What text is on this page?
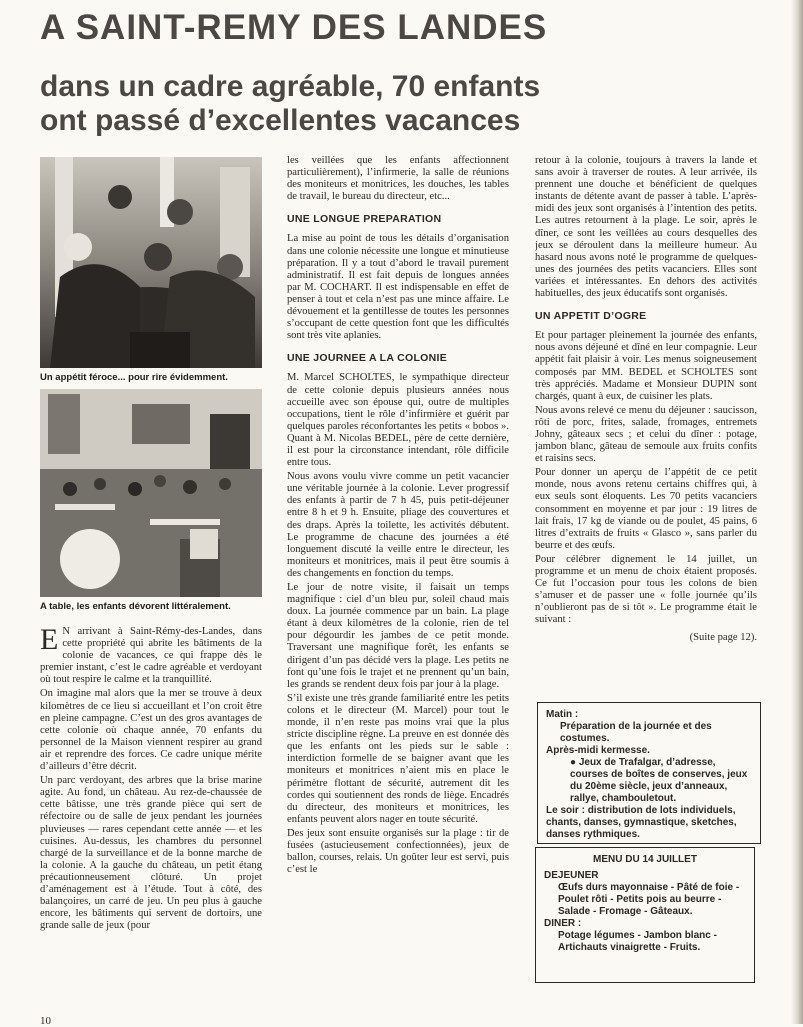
A SAINT-REMY DES LANDES
dans un cadre agréable, 70 enfants
ont passé d’excellentes vacances

Un appétit féroce... pour rire évidemment.

A table, les enfants dévorent littéralement.

E N arrivant à Saint-Rémy-des-Landes, dans cette propriété qui abrite les bâtiments de la colonie de vacances, ce qui frappe dès le premier instant, c’est le cadre agréable et verdoyant où tout respire le calme et la tranquillité.

On imagine mal alors que la mer se trouve à deux kilomètres de ce lieu si accueillant et l’on croit être en pleine campagne. C’est un des gros avantages de cette colonie où chaque année, 70 enfants du personnel de la Maison viennent respirer au grand air et reprendre des forces. Ce cadre unique mérite d’ailleurs d’être décrit.

Un parc verdoyant, des arbres que la brise marine agite. Au fond, un château. Au rez-de-chaussée de cette bâtisse, une très grande pièce qui sert de réfectoire ou de salle de jeux pendant les journées pluvieuses — rares cependant cette année — et les cuisines. Au-dessus, les chambres du personnel chargé de la surveillance et de la bonne marche de la colonie. A la gauche du château, un petit étang précautionneusement clôturé. Un projet d’aménagement est à l’étude. Tout à côté, des balançoires, un carré de jeu. Un peu plus à gauche encore, les bâtiments qui servent de dortoirs, une grande salle de jeux (pour

les veillées que les enfants affectionnent particulièrement), l’infirmerie, la salle de réunions des moniteurs et monitrices, les douches, les tables de travail, le bureau du directeur, etc...

UNE LONGUE PREPARATION

La mise au point de tous les détails d’organisation dans une colonie nécessite une longue et minutieuse préparation. Il y a tout d’abord le travail purement administratif. Il est fait depuis de longues années par M. COCHART. Il est indispensable en effet de penser à tout et cela n’est pas une mince affaire. Le dévouement et la gentillesse de toutes les personnes s’occupant de cette question font que les difficultés sont très vite aplanies.

UNE JOURNEE A LA COLONIE

M. Marcel SCHOLTES, le sympathique directeur de cette colonie depuis plusieurs années nous accueille avec son épouse qui, outre de multiples occupations, tient le rôle d’infirmière et guérit par quelques paroles réconfortantes les petits « bobos ». Quant à M. Nicolas BEDEL, père de cette dernière, il est pour la circonstance intendant, rôle difficile entre tous.

Nous avons voulu vivre comme un petit vacancier une véritable journée à la colonie. Lever progressif des enfants à partir de 7 h 45, puis petit-déjeuner entre 8 h et 9 h. Ensuite, pliage des couvertures et des draps. Après la toilette, les activités débutent. Le programme de chacune des journées a été longuement discuté la veille entre le directeur, les moniteurs et monitrices, mais il peut être soumis à des changements en fonction du temps.

Le jour de notre visite, il faisait un temps magnifique : ciel d’un bleu pur, soleil chaud mais doux. La journée commence par un bain. La plage étant à deux kilomètres de la colonie, rien de tel pour dégourdir les jambes de ce petit monde. Traversant une magnifique forêt, les enfants se dirigent d’un pas décidé vers la plage. Les petits ne font qu’une fois le trajet et ne prennent qu’un bain, les grands se rendent deux fois par jour à la plage.

S’il existe une très grande familiarité entre les petits colons et le directeur (M. Marcel) pour tout le monde, il n’en reste pas moins vrai que la plus stricte discipline règne. La preuve en est donnée dès que les enfants ont les pieds sur le sable : interdiction formelle de se baigner avant que les moniteurs et monitrices n’aient mis en place le périmètre flottant de sécurité, autrement dit les cordes qui soutiennent des ronds de liège. Encadrés du directeur, des moniteurs et monitrices, les enfants peuvent alors nager en toute sécurité.

Des jeux sont ensuite organisés sur la plage : tir de fusées (astucieusement confectionnées), jeux de ballon, courses, relais. Un goûter leur est servi, puis c’est le

retour à la colonie, toujours à travers la lande et sans avoir à traverser de routes. A leur arrivée, ils prennent une douche et bénéficient de quelques instants de détente avant de passer à table. L’après-midi des jeux sont organisés à l’intention des petits. Les autres retournent à la plage. Le soir, après le dîner, ce sont les veillées au cours desquelles des jeux se déroulent dans la meilleure humeur. Au hasard nous avons noté le programme de quelques-unes des journées des petits vacanciers. Elles sont variées et intéressantes. En dehors des activités habituelles, des jeux éducatifs sont organisés.

UN APPETIT D’OGRE

Et pour partager pleinement la journée des enfants, nous avons déjeuné et dîné en leur compagnie. Leur appétit fait plaisir à voir. Les menus soigneusement composés par MM. BEDEL et SCHOLTES sont très appréciés. Madame et Monsieur DUPIN sont chargés, quant à eux, de cuisiner les plats.

Nous avons relevé ce menu du déjeuner : saucisson, rôti de porc, frites, salade, fromages, entremets Johny, gâteaux secs ; et celui du dîner : potage, jambon blanc, gâteau de semoule aux fruits confits et raisins secs.

Pour donner un aperçu de l’appétit de ce petit monde, nous avons retenu certains chiffres qui, à eux seuls sont éloquents. Les 70 petits vacanciers consomment en moyenne et par jour : 19 litres de lait frais, 17 kg de viande ou de poulet, 45 pains, 6 litres d’extraits de fruits « Glasco », sans parler du beurre et des œufs.

Pour célébrer dignement le 14 juillet, un programme et un menu de choix étaient proposés. Ce fut l’occasion pour tous les colons de bien s’amuser et de passer une « folle journée qu’ils n’oublieront pas de si tôt ». Le programme était le suivant :

(Suite page 12).

Matin :
Préparation de la journée et des costumes.
Après-midi kermesse.
● Jeux de Trafalgar, d’adresse, courses de boîtes de conserves, jeux du 20ème siècle, jeux d’anneaux, rallye, chambouletout.
Le soir : distribution de lots individuels, chants, danses, gymnastique, sketches, danses rythmiques.
MENU DU 14 JUILLET
DEJEUNER
Œufs durs mayonnaise - Pâté de foie - Poulet rôti - Petits pois au beurre - Salade - Fromage - Gâteaux.
DINER :
Potage légumes - Jambon blanc - Artichauts vinaigrette - Fruits.

10
